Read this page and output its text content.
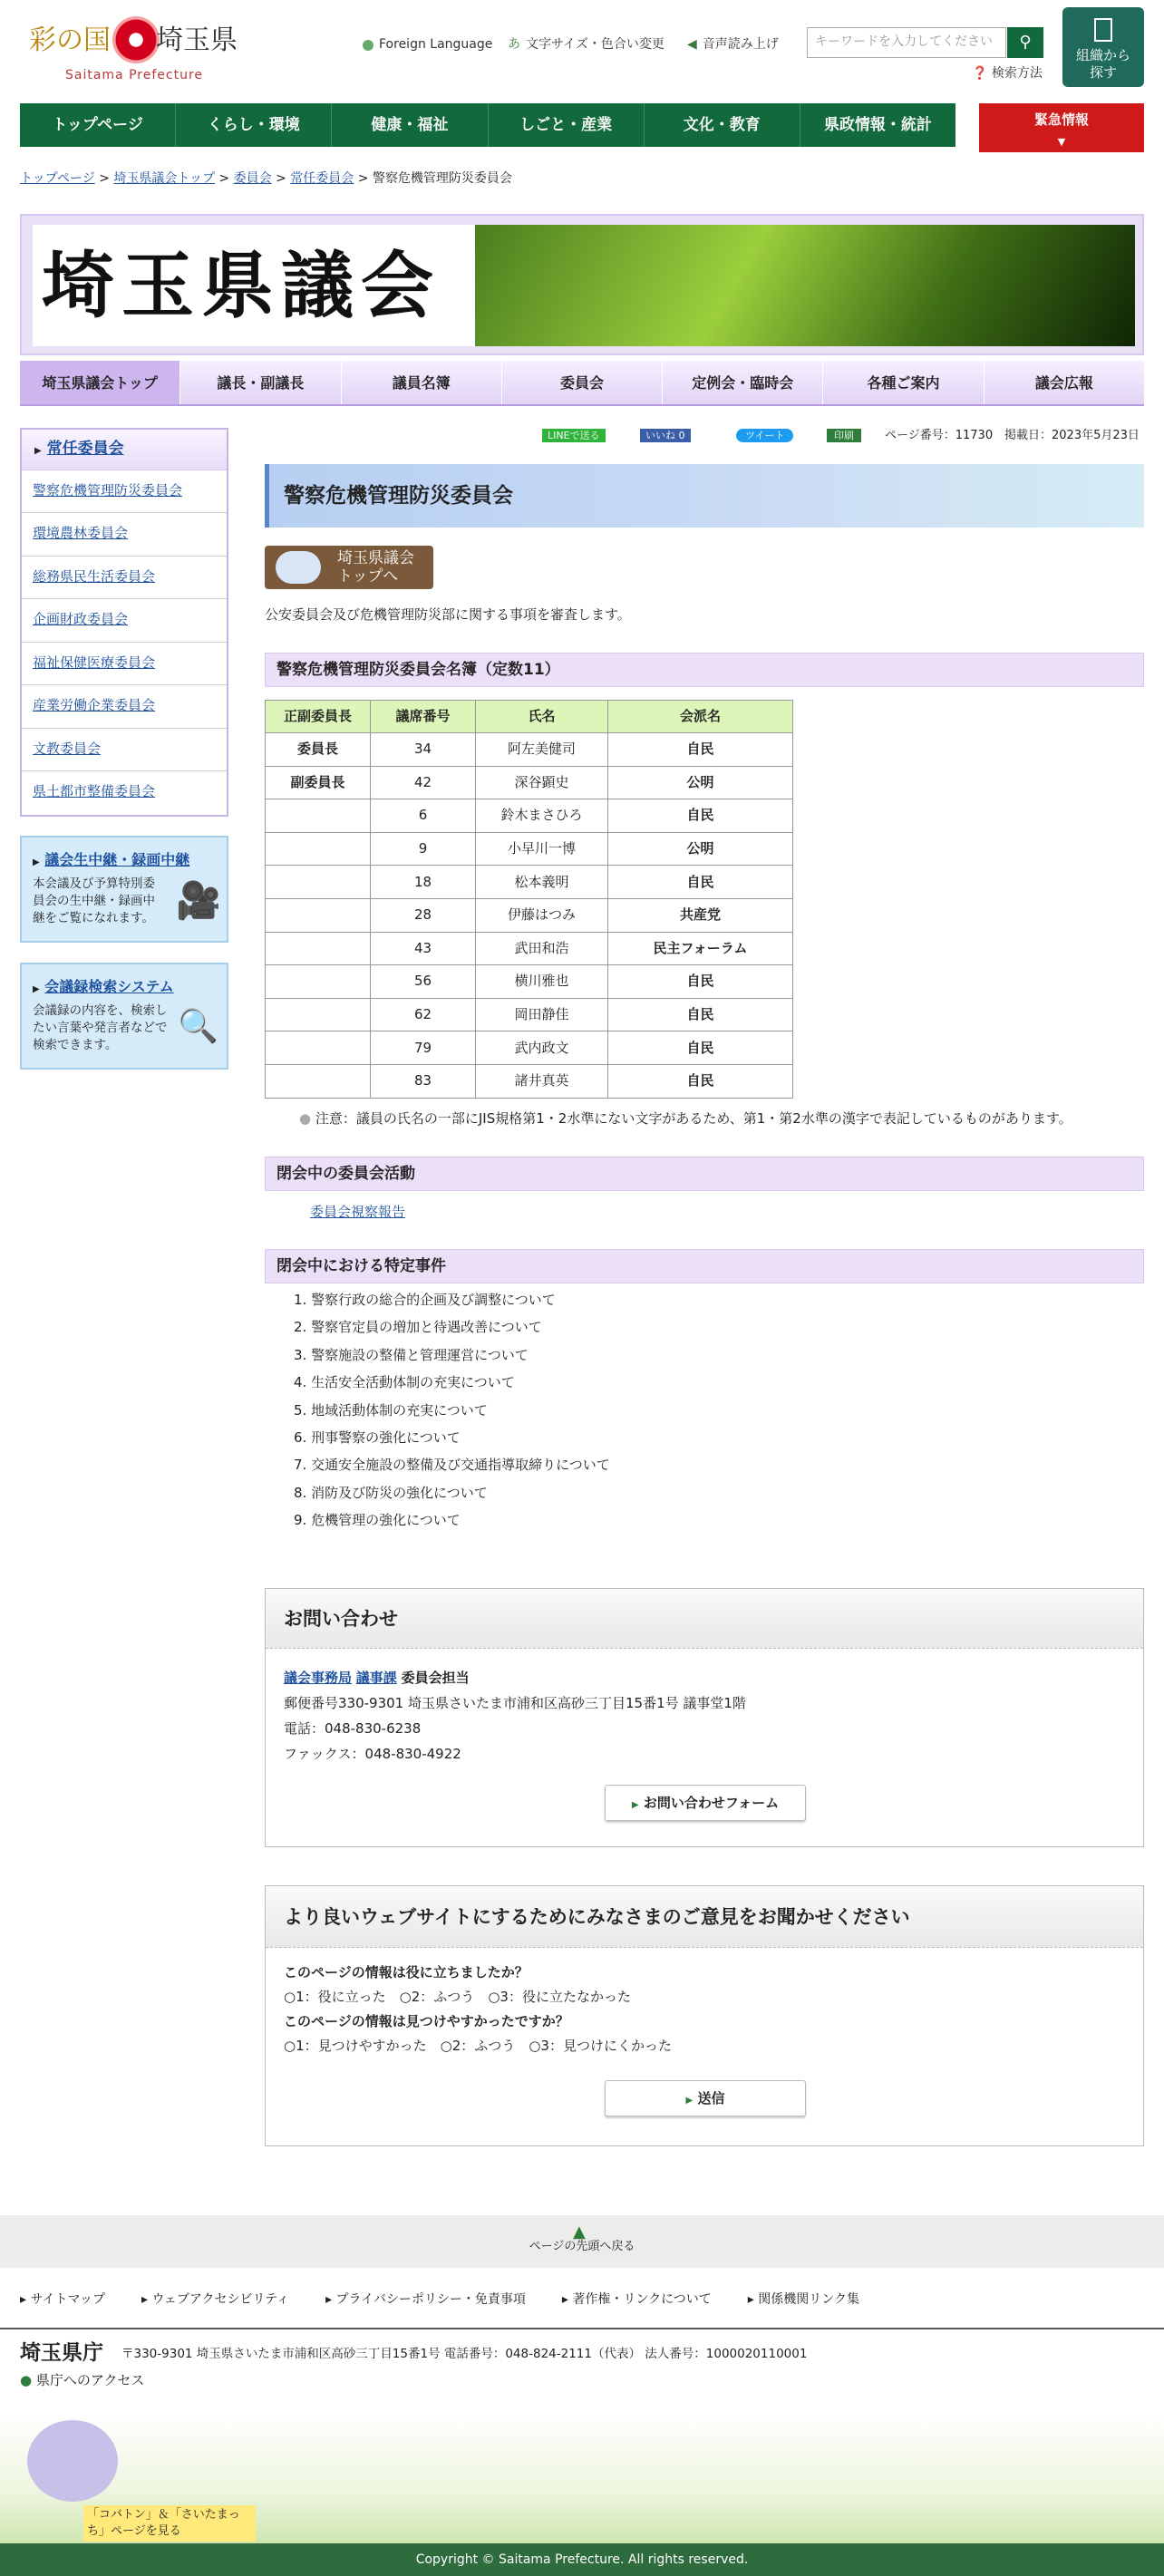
彩の国 埼玉県
Saitama Prefecture
Foreign Language あ 文字サイズ・色合い変更 ◀ 音声読み上げ	キーワードを入力してください	⚲
❓ 検索方法
組織から探す
トップページ	くらし・環境	健康・福祉	しごと・産業	文化・教育	県政情報・統計	緊急情報
▼
トップページ > 埼玉県議会トップ > 委員会 > 常任委員会 > 警察危機管理防災委員会
埼玉県議会
埼玉県議会トップ	議長・副議長	議員名簿	委員会	定例会・臨時会	各種ご案内	議会広報
▶ 常任委員会
警察危機管理防災委員会
環境農林委員会
総務県民生活委員会
企画財政委員会
福祉保健医療委員会
産業労働企業委員会
文教委員会
県土都市整備委員会
▶ 議会生中継・録画中継
本会議及び予算特別委員会の生中継・録画中継をご覧になれます。 🎥
▶ 会議録検索システム
会議録の内容を、検索したい言葉や発言者などで検索できます。
🔍
LINEで送る	いいね 0	ツイート	印刷	ページ番号：11730 掲載日：2023年5月23日
警察危機管理防災委員会
埼玉県議会 トップへ
公安委員会及び危機管理防災部に関する事項を審査します。
警察危機管理防災委員会名簿（定数11）
正副委員長	議席番号	氏名	会派名
委員長	34	阿左美健司	自民
副委員長	42	深谷顕史	公明
	6	鈴木まさひろ	自民
	9	小早川一博	公明
	18	松本義明	自民
	28	伊藤はつみ	共産党
	43	武田和浩	民主フォーラム
	56	横川雅也	自民
	62	岡田静佳	自民
	79	武内政文	自民
	83	諸井真英	自民
● 注意：議員の氏名の一部にJIS規格第1・2水準にない文字があるため、第1・第2水準の漢字で表記しているものがあります。
閉会中の委員会活動
委員会視察報告
閉会中における特定事件
1. 警察行政の総合的企画及び調整について
2. 警察官定員の増加と待遇改善について
3. 警察施設の整備と管理運営について
4. 生活安全活動体制の充実について
5. 地域活動体制の充実について
6. 刑事警察の強化について
7. 交通安全施設の整備及び交通指導取締りについて
8. 消防及び防災の強化について
9. 危機管理の強化について
お問い合わせ
議会事務局 議事課 委員会担当
郵便番号330-9301 埼玉県さいたま市浦和区高砂三丁目15番1号 議事堂1階
電話：048-830-6238
ファックス：048-830-4922
▶ お問い合わせフォーム
より良いウェブサイトにするためにみなさまのご意見をお聞かせください
このページの情報は役に立ちましたか？
○1：役に立った　 ○2：ふつう　 ○3：役に立たなかった
このページの情報は見つけやすかったですか？
○1：見つけやすかった　 ○2：ふつう　 ○3：見つけにくかった
▶ 送信
▲
ページの先頭へ戻る
▸ サイトマップ	▸ ウェブアクセシビリティ	▸ プライバシーポリシー・免責事項	▸ 著作権・リンクについて	▸ 関係機関リンク集
埼玉県庁 〒330-9301 埼玉県さいたま市浦和区高砂三丁目15番1号 電話番号：048-824-2111（代表） 法人番号：1000020110001
● 県庁へのアクセス
「コバトン」＆「さいたまっち」ページを見る
Copyright © Saitama Prefecture. All rights reserved.
